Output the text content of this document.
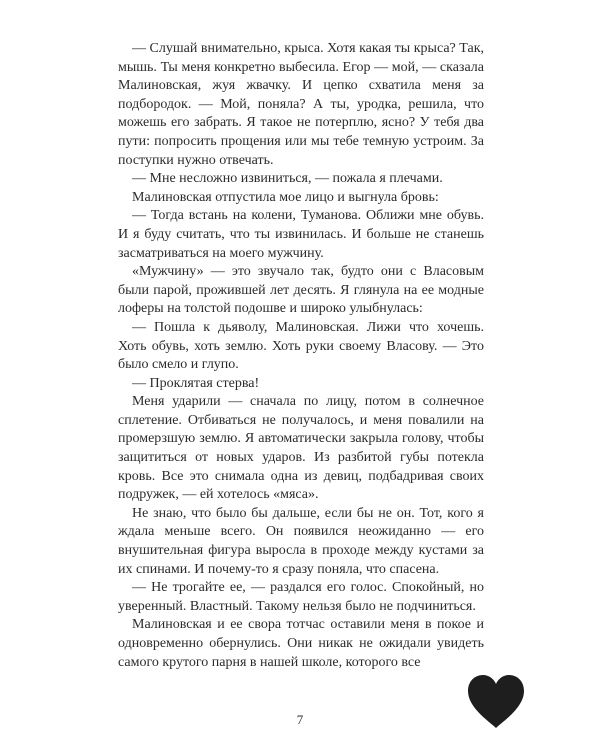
— Слушай внимательно, крыса. Хотя какая ты крыса? Так, мышь. Ты меня конкретно выбесила. Егор — мой, — сказала Малиновская, жуя жвачку. И цепко схватила меня за подбородок. — Мой, поняла? А ты, уродка, решила, что можешь его забрать. Я такое не потерплю, ясно? У тебя два пути: попросить прощения или мы тебе темную устроим. За поступки нужно отвечать.

— Мне несложно извиниться, — пожала я плечами.

Малиновская отпустила мое лицо и выгнула бровь:

— Тогда встань на колени, Туманова. Оближи мне обувь. И я буду считать, что ты извинилась. И больше не станешь засматриваться на моего мужчину.

«Мужчину» — это звучало так, будто они с Власовым были парой, прожившей лет десять. Я глянула на ее модные лоферы на толстой подошве и широко улыбнулась:

— Пошла к дьяволу, Малиновская. Лижи что хочешь. Хоть обувь, хоть землю. Хоть руки своему Власову. — Это было смело и глупо.

— Проклятая стерва!

Меня ударили — сначала по лицу, потом в солнечное сплетение. Отбиваться не получалось, и меня повалили на промерзшую землю. Я автоматически закрыла голову, чтобы защититься от новых ударов. Из разбитой губы потекла кровь. Все это снимала одна из девиц, подбадривая своих подружек, — ей хотелось «мяса».

Не знаю, что было бы дальше, если бы не он. Тот, кого я ждала меньше всего. Он появился неожиданно — его внушительная фигура выросла в проходе между кустами за их спинами. И почему-то я сразу поняла, что спасена.

— Не трогайте ее, — раздался его голос. Спокойный, но уверенный. Властный. Такому нельзя было не подчиниться.

Малиновская и ее свора тотчас оставили меня в покое и одновременно обернулись. Они никак не ожидали увидеть самого крутого парня в нашей школе, которого все

7
